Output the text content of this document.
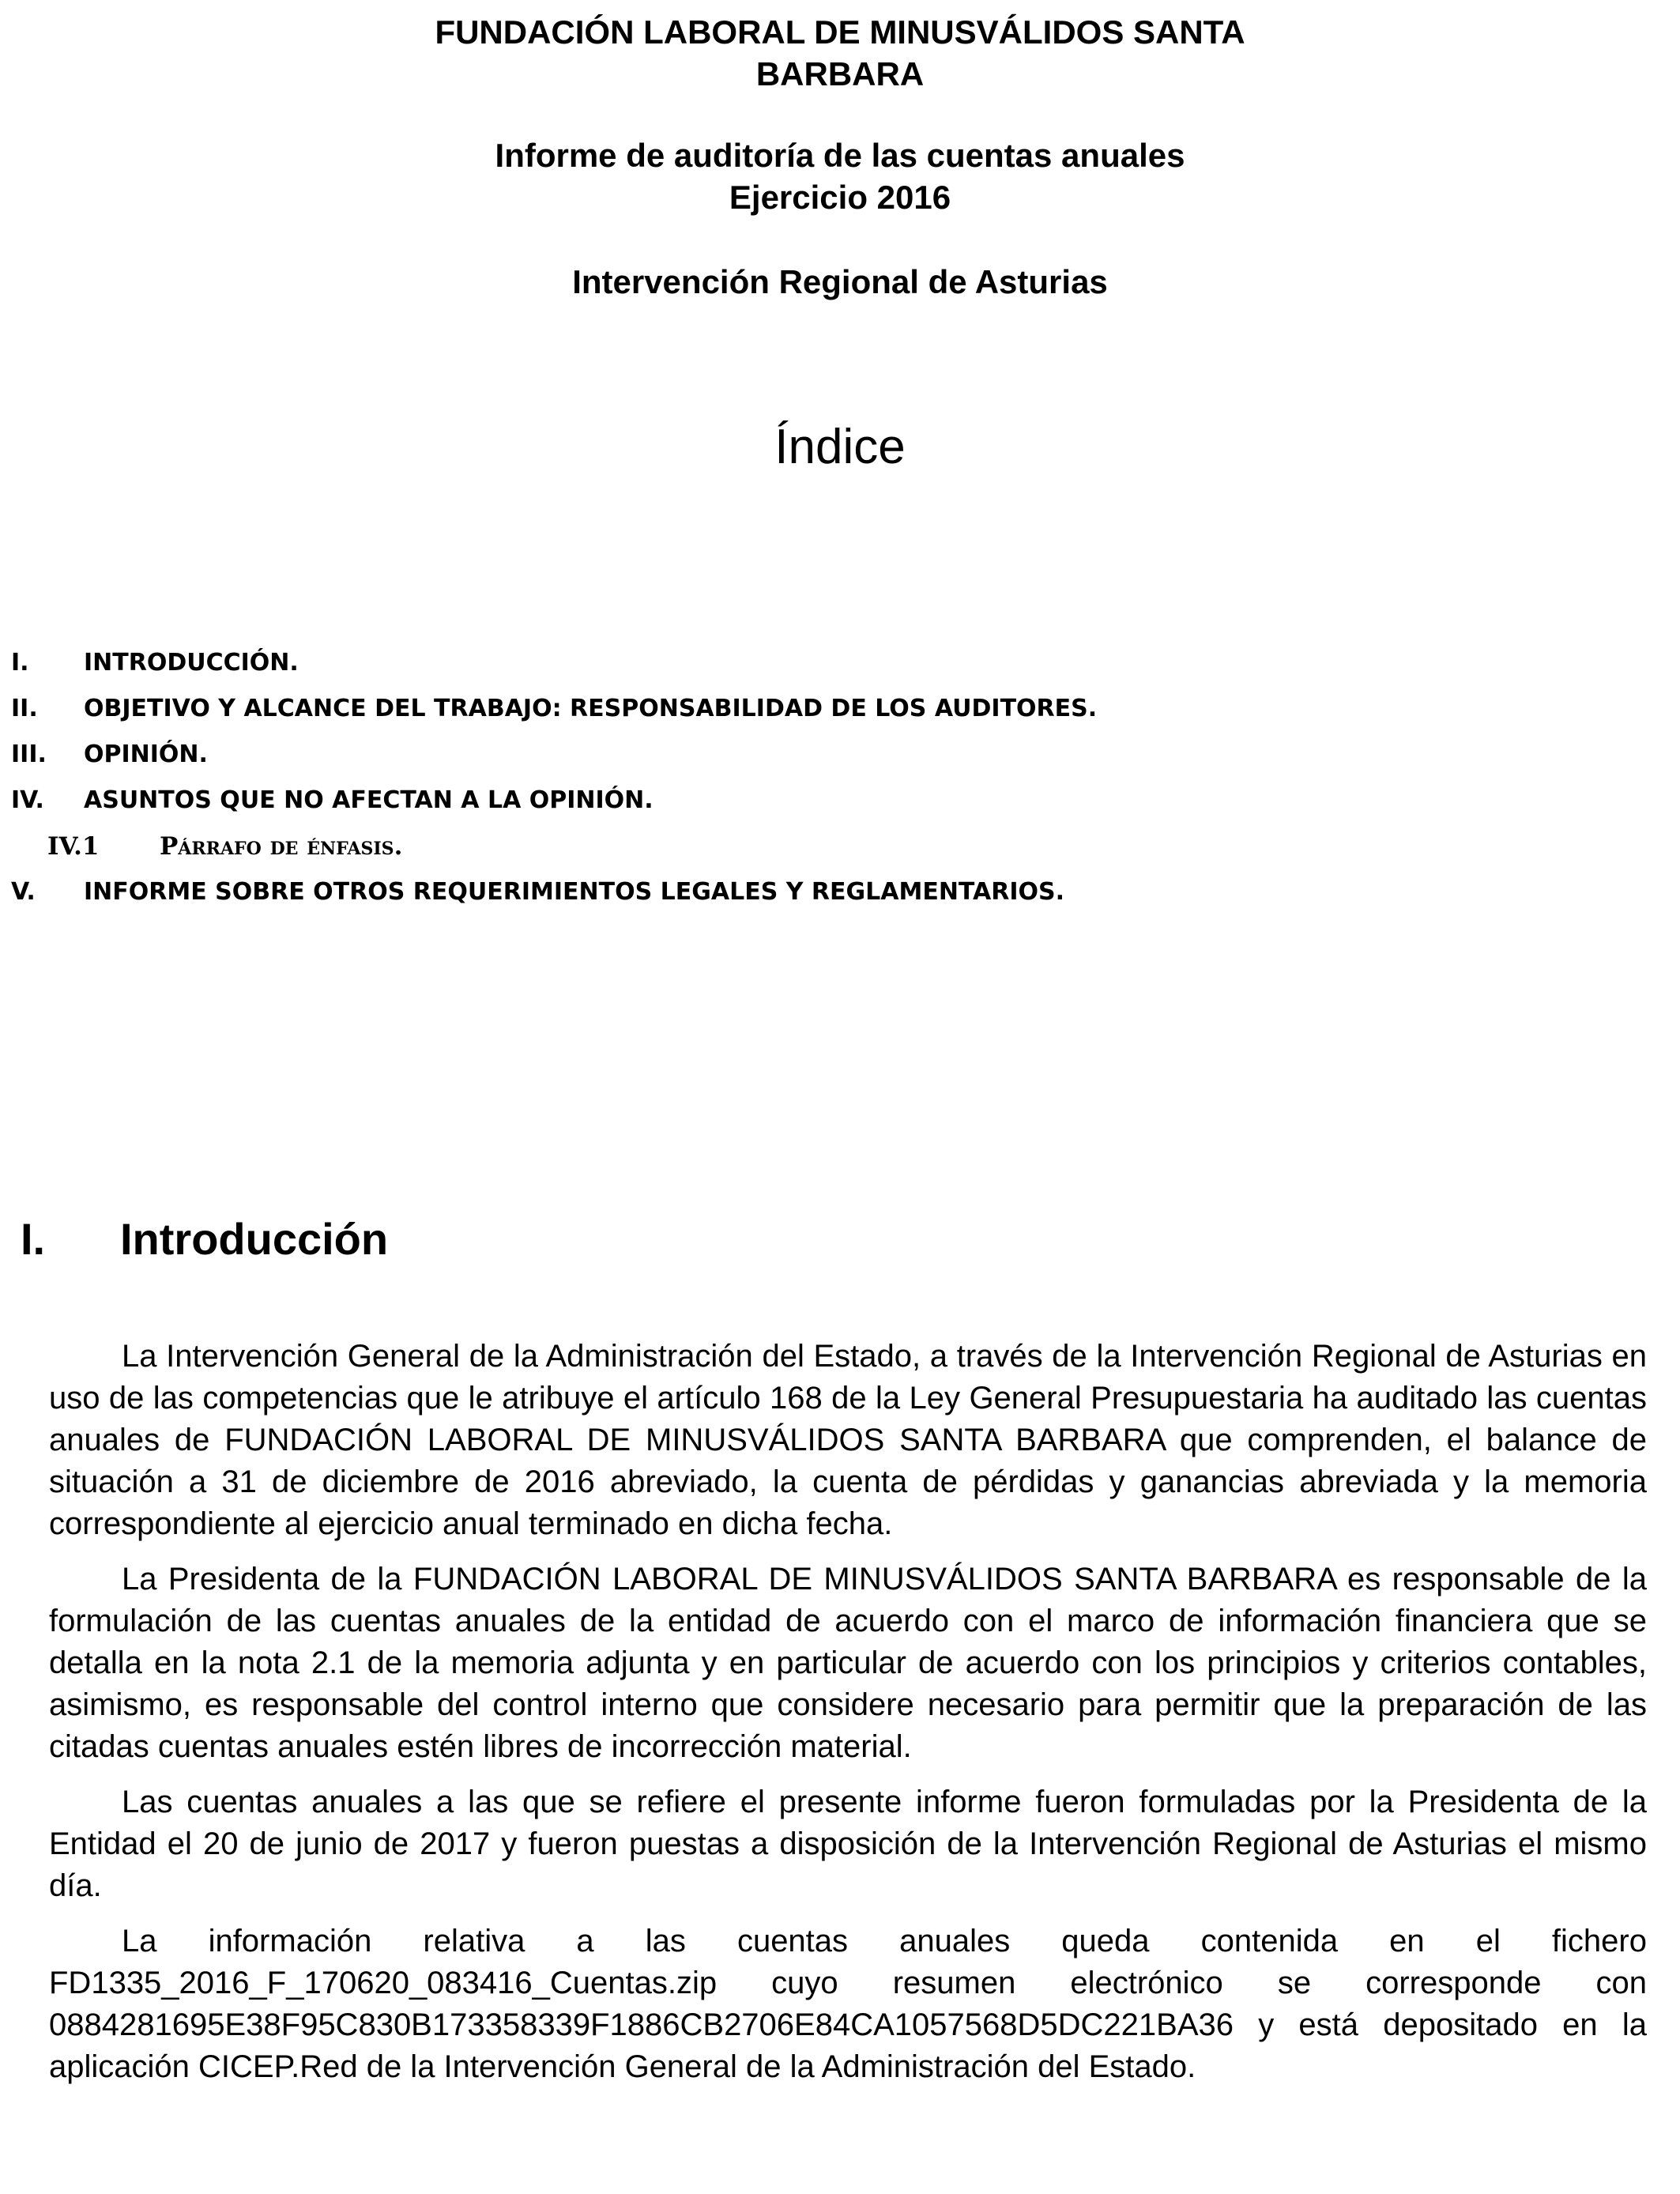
FUNDACIÓN LABORAL DE MINUSVÁLIDOS SANTA
BARBARA
Informe de auditoría de las cuentas anuales
Ejercicio 2016
Intervención Regional de Asturias
Índice
I. INTRODUCCIÓN.
II. OBJETIVO Y ALCANCE DEL TRABAJO: RESPONSABILIDAD DE LOS AUDITORES.
III. OPINIÓN.
IV. ASUNTOS QUE NO AFECTAN A LA OPINIÓN.
IV.1 Párrafo de énfasis.
V. INFORME SOBRE OTROS REQUERIMIENTOS LEGALES Y REGLAMENTARIOS.
I. Introducción

La Intervención General de la Administración del Estado, a través de la Intervención Regional de Asturias en uso de las competencias que le atribuye el artículo 168 de la Ley General Presupuestaria ha auditado las cuentas anuales de FUNDACIÓN LABORAL DE MINUSVÁLIDOS SANTA BARBARA que comprenden, el balance de situación a 31 de diciembre de 2016 abreviado, la cuenta de pérdidas y ganancias abreviada y la memoria correspondiente al ejercicio anual terminado en dicha fecha.

La Presidenta de la FUNDACIÓN LABORAL DE MINUSVÁLIDOS SANTA BARBARA es responsable de la formulación de las cuentas anuales de la entidad de acuerdo con el marco de información financiera que se detalla en la nota 2.1 de la memoria adjunta y en particular de acuerdo con los principios y criterios contables, asimismo, es responsable del control interno que considere necesario para permitir que la preparación de las citadas cuentas anuales estén libres de incorrección material.

Las cuentas anuales a las que se refiere el presente informe fueron formuladas por la Presidenta de la Entidad el 20 de junio de 2017 y fueron puestas a disposición de la Intervención Regional de Asturias el mismo día.

La información relativa a las cuentas anuales queda contenida en el fichero FD1335_2016_F_170620_083416_Cuentas.zip cuyo resumen electrónico se corresponde con 0884281695E38F95C830B173358339F1886CB2706E84CA1057568D5DC221BA36 y está depositado en la aplicación CICEP.Red de la Intervención General de la Administración del Estado.
